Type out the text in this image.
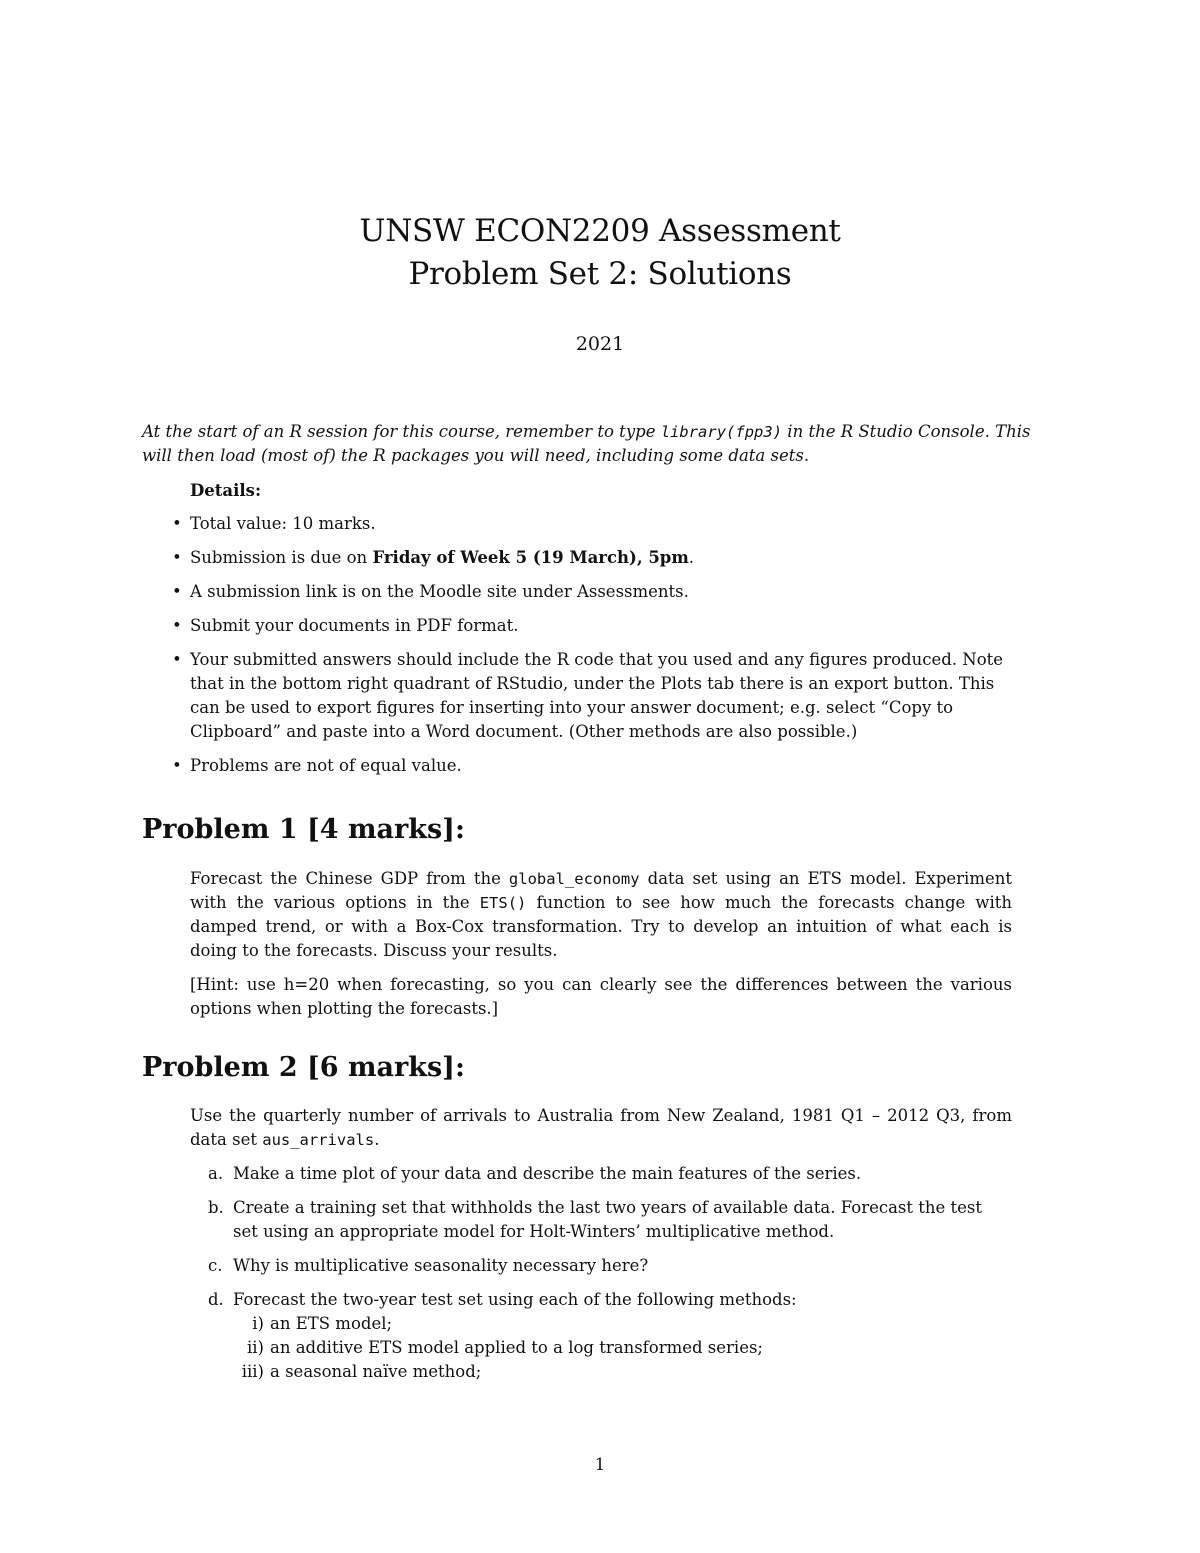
UNSW ECON2209 Assessment

Problem Set 2: Solutions

2021

At the start of an R session for this course, remember to type library(fpp3) in the R Studio Console. This will then load (most of) the R packages you will need, including some data sets.

Details:
• Total value: 10 marks.
• Submission is due on Friday of Week 5 (19 March), 5pm.
• A submission link is on the Moodle site under Assessments.
• Submit your documents in PDF format.
• Your submitted answers should include the R code that you used and any figures produced. Note that in the bottom right quadrant of RStudio, under the Plots tab there is an export button. This can be used to export figures for inserting into your answer document; e.g. select “Copy to Clipboard” and paste into a Word document. (Other methods are also possible.)
• Problems are not of equal value.
Problem 1 [4 marks]:

Forecast the Chinese GDP from the global_economy data set using an ETS model. Experiment with the various options in the ETS() function to see how much the forecasts change with damped trend, or with a Box-Cox transformation. Try to develop an intuition of what each is doing to the forecasts. Discuss your results.

[Hint: use h=20 when forecasting, so you can clearly see the differences between the various options when plotting the forecasts.]

Problem 2 [6 marks]:

Use the quarterly number of arrivals to Australia from New Zealand, 1981 Q1 – 2012 Q3, from data set aus_arrivals.

a. Make a time plot of your data and describe the main features of the series.
b. Create a training set that withholds the last two years of available data. Forecast the test set using an appropriate model for Holt-Winters’ multiplicative method.
c. Why is multiplicative seasonality necessary here?
d. Forecast the two-year test set using each of the following methods:
i) an ETS model;
ii) an additive ETS model applied to a log transformed series;
iii) a seasonal naïve method;
1
